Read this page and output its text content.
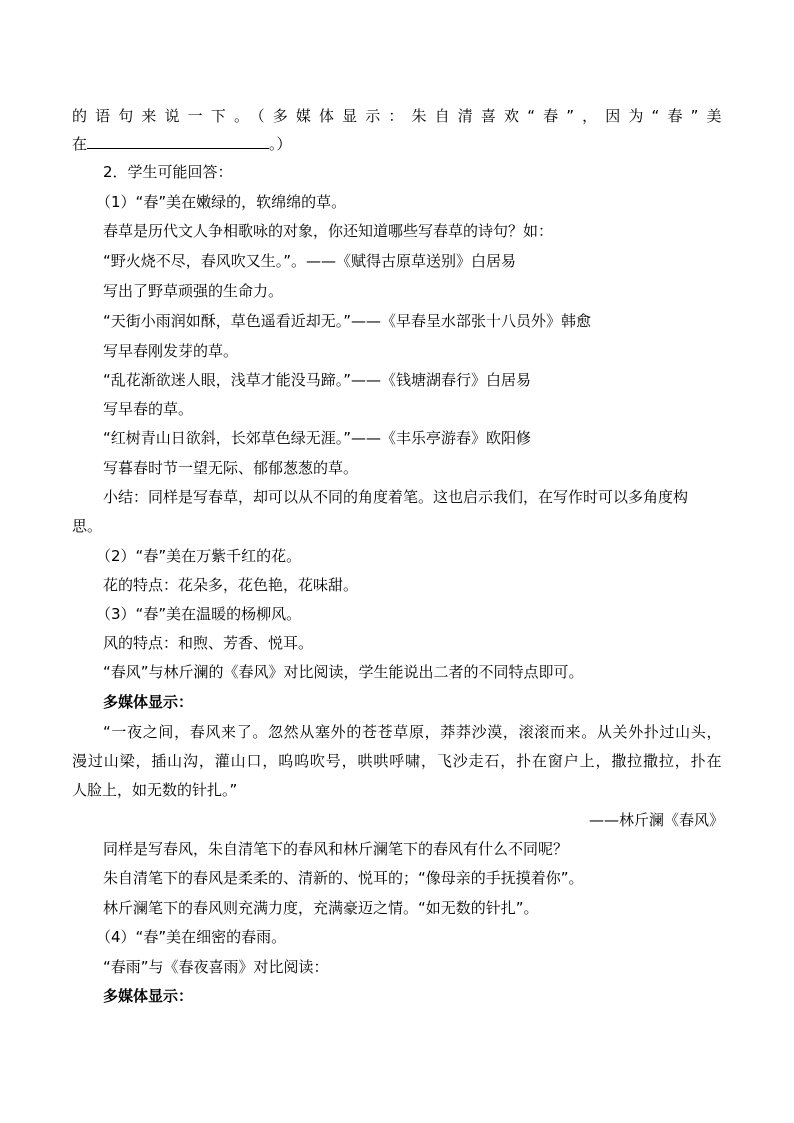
的语句来说一下。（多媒体显示：朱自清喜欢“春”，因为“春”美
在	。）
2．学生可能回答：
（1）“春”美在嫩绿的，软绵绵的草。
春草是历代文人争相歌咏的对象，你还知道哪些写春草的诗句？如：
“野火烧不尽，春风吹又生。”。——《赋得古原草送别》白居易
写出了野草顽强的生命力。
“天街小雨润如酥，草色遥看近却无。”——《早春呈水部张十八员外》韩愈
写早春刚发芽的草。
“乱花渐欲迷人眼，浅草才能没马蹄。”——《钱塘湖春行》白居易
写早春的草。
“红树青山日欲斜，长郊草色绿无涯。”——《丰乐亭游春》欧阳修
写暮春时节一望无际、郁郁葱葱的草。
小结：同样是写春草，却可以从不同的角度着笔。这也启示我们，在写作时可以多角度构
思。
（2）“春”美在万紫千红的花。
花的特点：花朵多，花色艳，花味甜。
（3）“春”美在温暖的杨柳风。
风的特点：和煦、芳香、悦耳。
“春风”与林斤澜的《春风》对比阅读，学生能说出二者的不同特点即可。
多媒体显示：
“一夜之间，春风来了。忽然从塞外的苍苍草原，莽莽沙漠，滚滚而来。从关外扑过山头，
漫过山梁，插山沟，灌山口，呜呜吹号，哄哄呼啸，飞沙走石，扑在窗户上，撒拉撒拉，扑在
人脸上，如无数的针扎。”
——林斤澜《春风》
同样是写春风，朱自清笔下的春风和林斤澜笔下的春风有什么不同呢？
朱自清笔下的春风是柔柔的、清新的、悦耳的；“像母亲的手抚摸着你”。
林斤澜笔下的春风则充满力度，充满豪迈之情。“如无数的针扎”。
（4）“春”美在细密的春雨。
“春雨”与《春夜喜雨》对比阅读：
多媒体显示：
